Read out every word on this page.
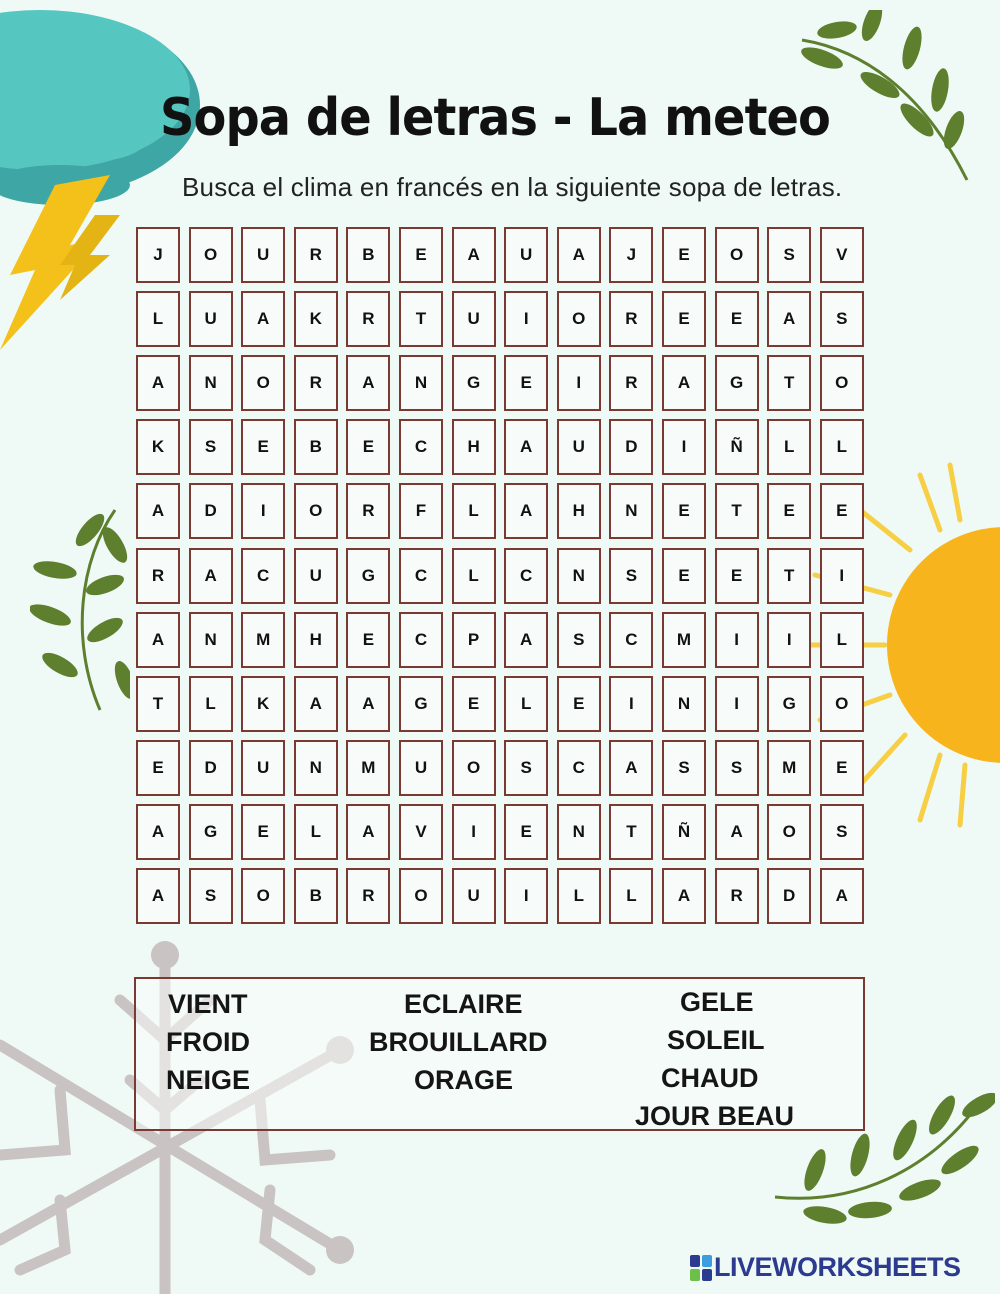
Sopa de letras - La meteo
Busca el clima en francés en la siguiente sopa de letras.
J	O	U	R	B	E	A	U	A	J	E	O	S	V
L	U	A	K	R	T	U	I	O	R	E	E	A	S
A	N	O	R	A	N	G	E	I	R	A	G	T	O
K	S	E	B	E	C	H	A	U	D	I	Ñ	L	L
A	D	I	O	R	F	L	A	H	N	E	T	E	E
R	A	C	U	G	C	L	C	N	S	E	E	T	I
A	N	M	H	E	C	P	A	S	C	M	I	I	L
T	L	K	A	A	G	E	L	E	I	N	I	G	O
E	D	U	N	M	U	O	S	C	A	S	S	M	E
A	G	E	L	A	V	I	E	N	T	Ñ	A	O	S
A	S	O	B	R	O	U	I	L	L	A	R	D	A
VIENT
FROID
NEIGE
ECLAIRE
BROUILLARD
ORAGE
GELE
SOLEIL
CHAUD
JOUR BEAU
LIVEWORKSHEETS
